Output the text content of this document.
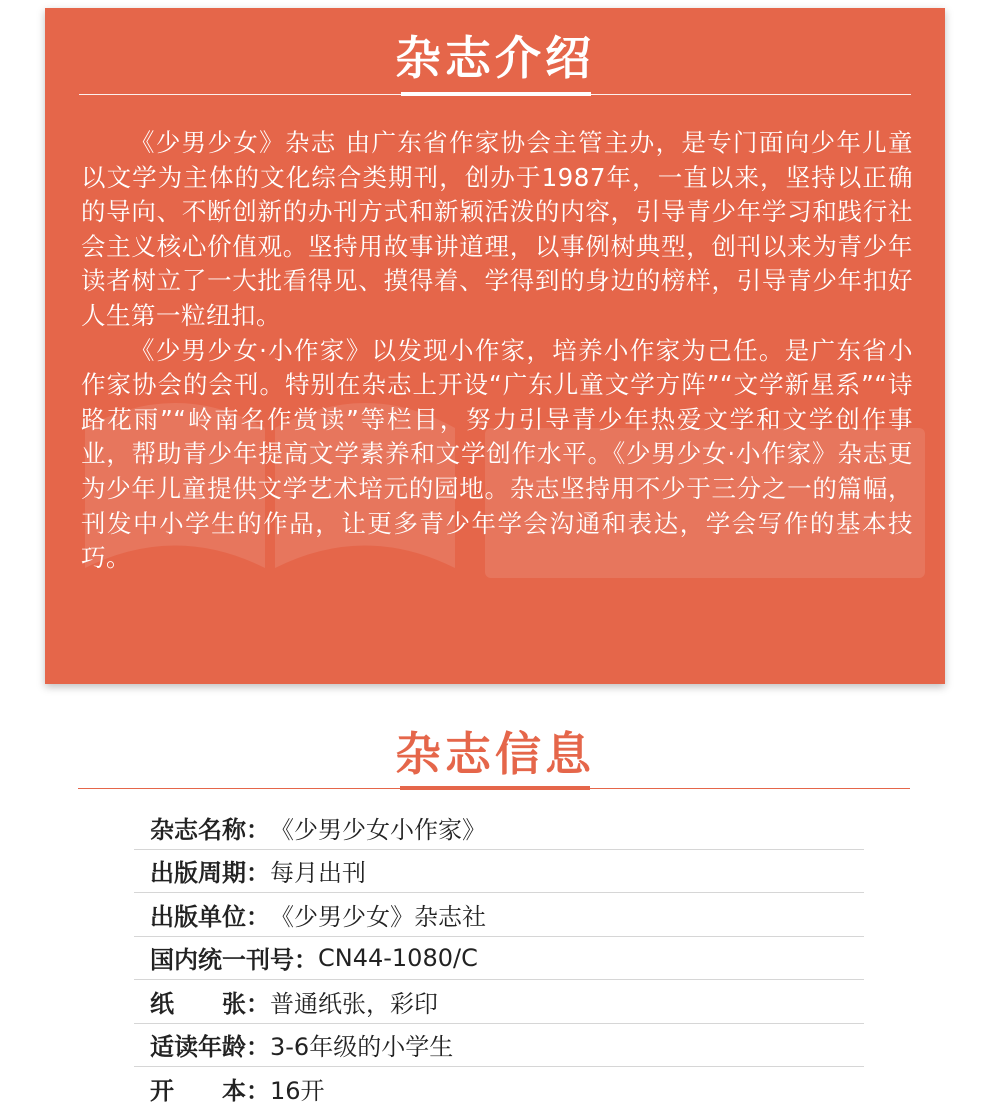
杂志介绍

《少男少女》杂志 由广东省作家协会主管主办，是专门面向少年儿童以文学为主体的文化综合类期刊，创办于1987年，一直以来，坚持以正确的导向、不断创新的办刊方式和新颖活泼的内容，引导青少年学习和践行社会主义核心价值观。坚持用故事讲道理，以事例树典型，创刊以来为青少年读者树立了一大批看得见、摸得着、学得到的身边的榜样，引导青少年扣好人生第一粒纽扣。

《少男少女·小作家》以发现小作家，培养小作家为己任。是广东省小作家协会的会刊。特别在杂志上开设“广东儿童文学方阵”“文学新星系”“诗路花雨”“岭南名作赏读”等栏目，努力引导青少年热爱文学和文学创作事业，帮助青少年提高文学素养和文学创作水平。《少男少女·小作家》杂志更为少年儿童提供文学艺术培元的园地。杂志坚持用不少于三分之一的篇幅，刊发中小学生的作品，让更多青少年学会沟通和表达，学会写作的基本技巧。

杂志信息
杂志名称： 《少男少女小作家》
出版周期： 每月出刊
出版单位： 《少男少女》杂志社
国内统一刊号： CN44-1080/C
纸　　张： 普通纸张，彩印
适读年龄： 3-6年级的小学生
开　　本： 16开
